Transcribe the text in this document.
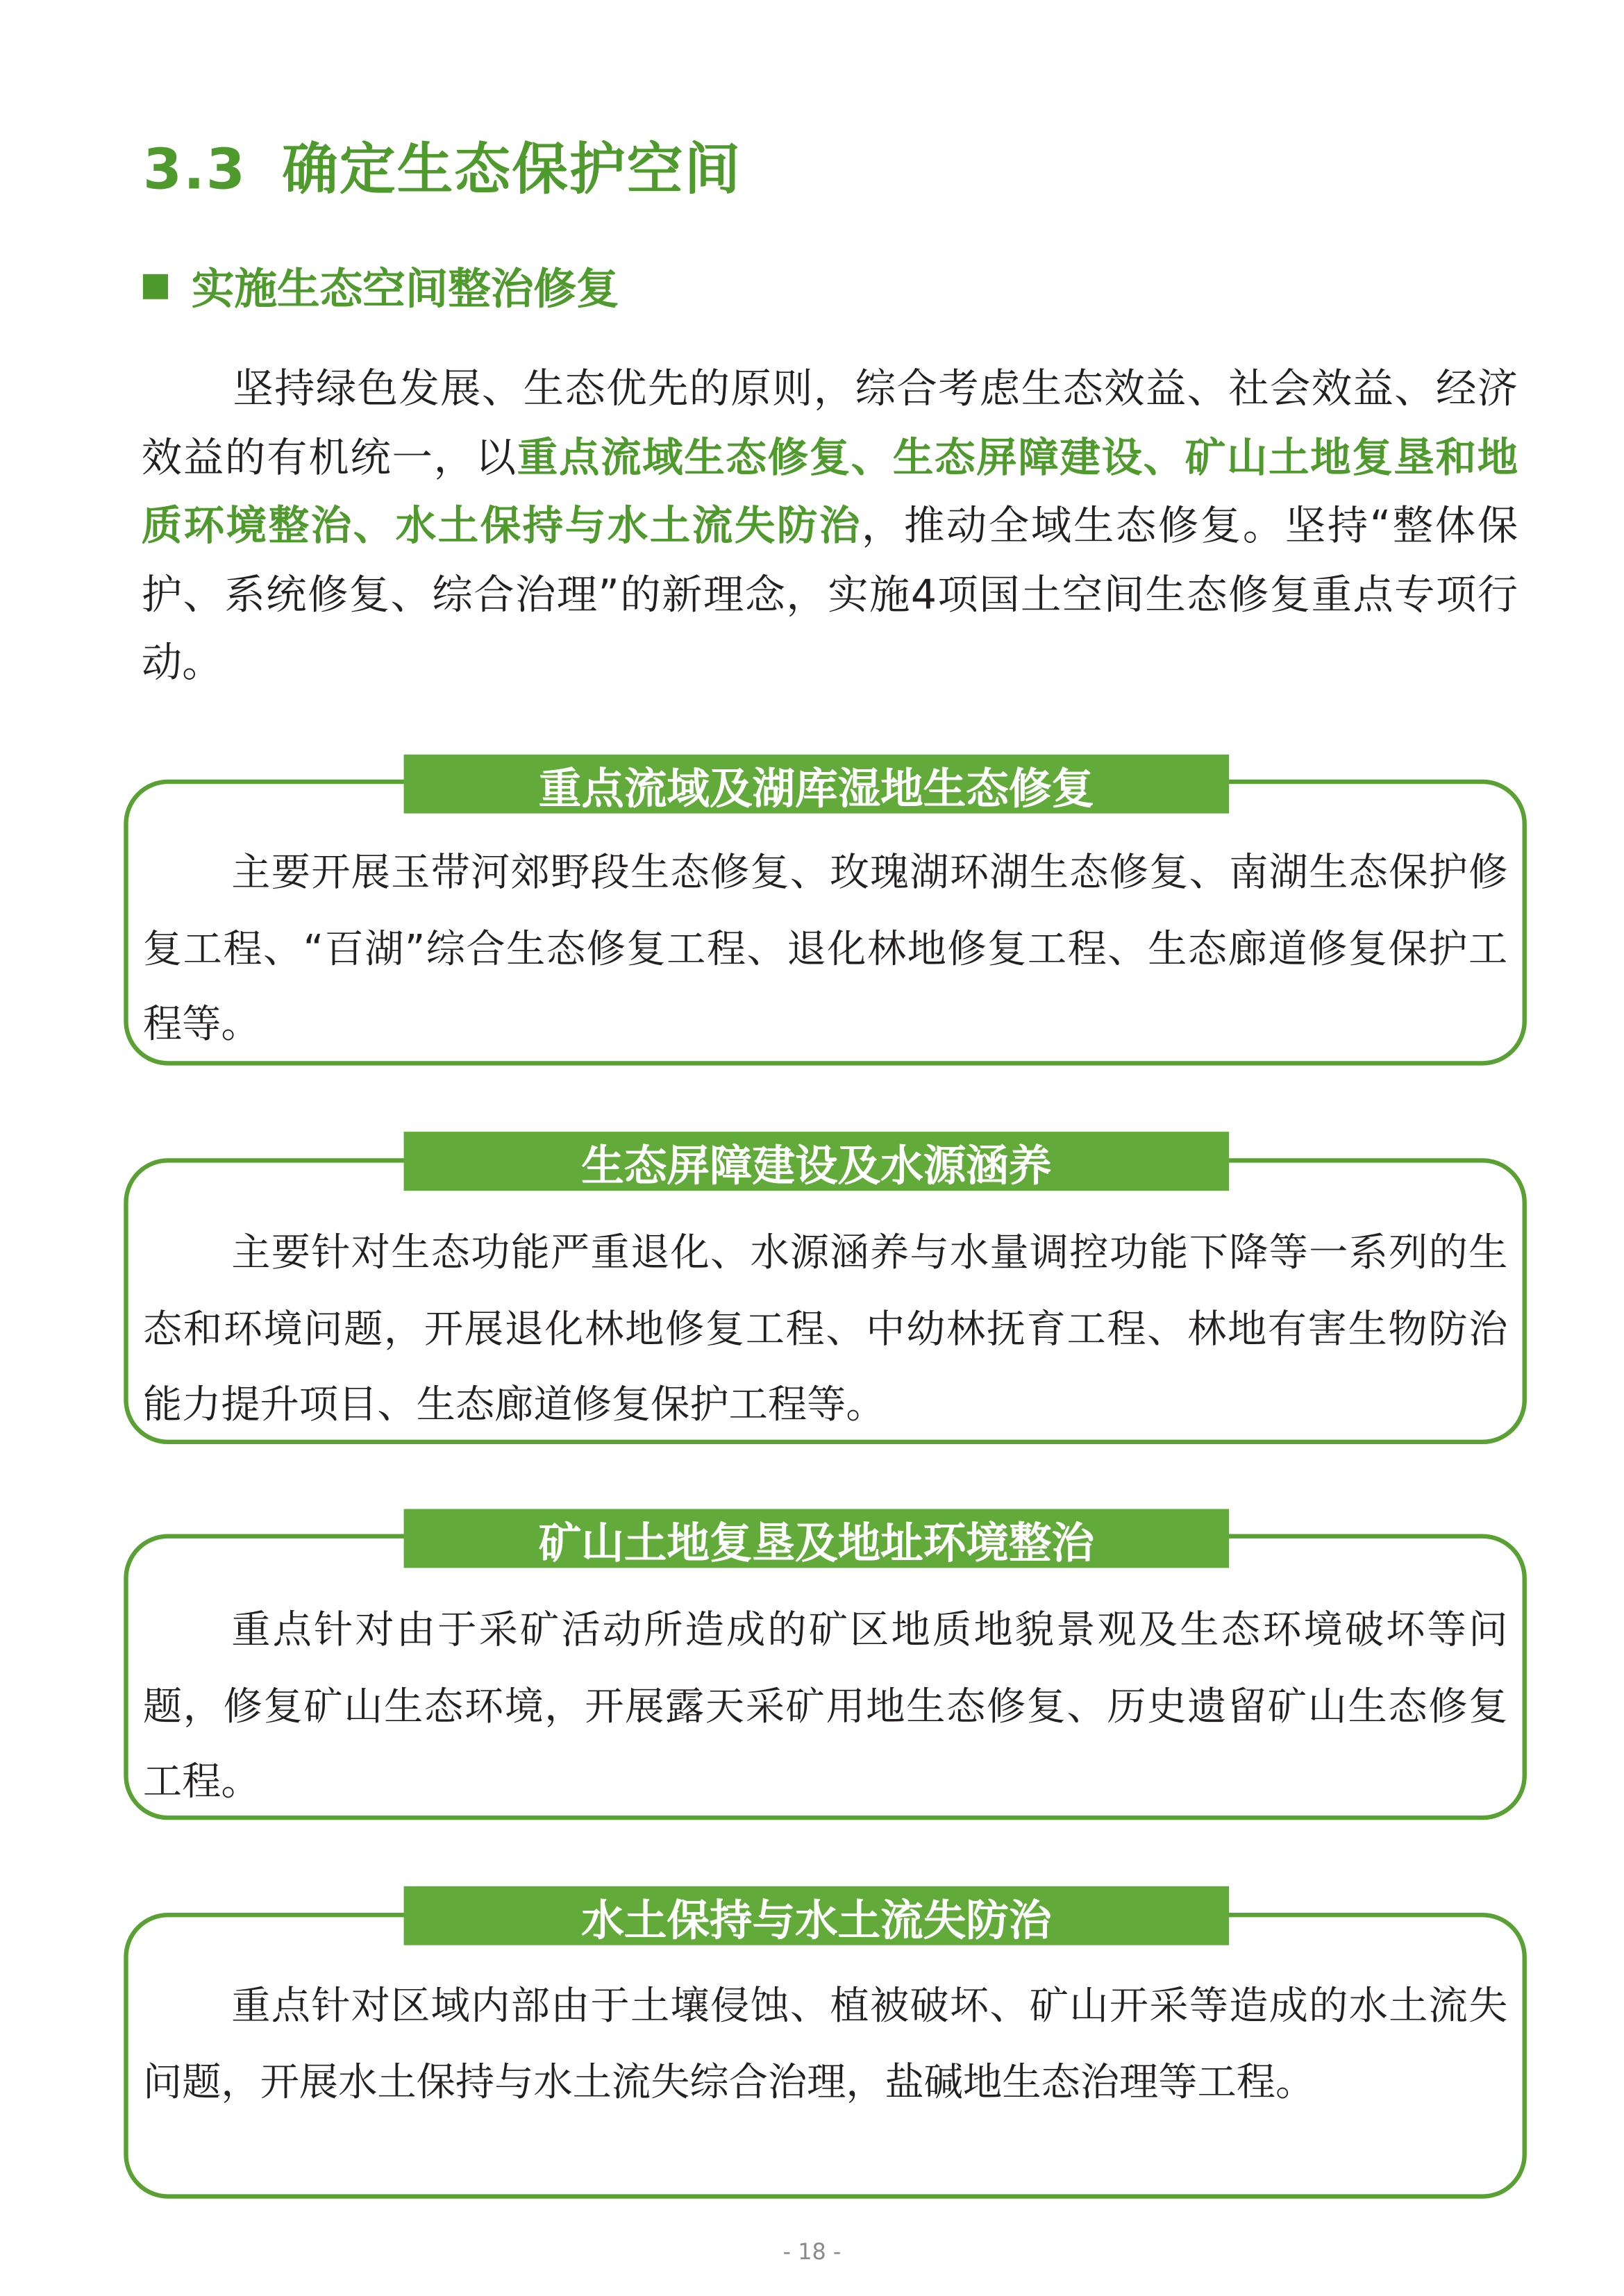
3.3 确定生态保护空间
实施生态空间整治修复

坚持绿色发展、生态优先的原则，综合考虑生态效益、社会效益、经济效益的有机统一，以重点流域生态修复、生态屏障建设、矿山土地复垦和地质环境整治、水土保持与水土流失防治，推动全域生态修复。坚持“整体保护、系统修复、综合治理”的新理念，实施4项国土空间生态修复重点专项行动。

重点流域及湖库湿地生态修复

主要开展玉带河郊野段生态修复、玫瑰湖环湖生态修复、南湖生态保护修复工程、“百湖”综合生态修复工程、退化林地修复工程、生态廊道修复保护工程等。

生态屏障建设及水源涵养

主要针对生态功能严重退化、水源涵养与水量调控功能下降等一系列的生态和环境问题，开展退化林地修复工程、中幼林抚育工程、林地有害生物防治能力提升项目、生态廊道修复保护工程等。

矿山土地复垦及地址环境整治

重点针对由于采矿活动所造成的矿区地质地貌景观及生态环境破坏等问题，修复矿山生态环境，开展露天采矿用地生态修复、历史遗留矿山生态修复工程。

水土保持与水土流失防治

重点针对区域内部由于土壤侵蚀、植被破坏、矿山开采等造成的水土流失问题，开展水土保持与水土流失综合治理，盐碱地生态治理等工程。

- 18 -
